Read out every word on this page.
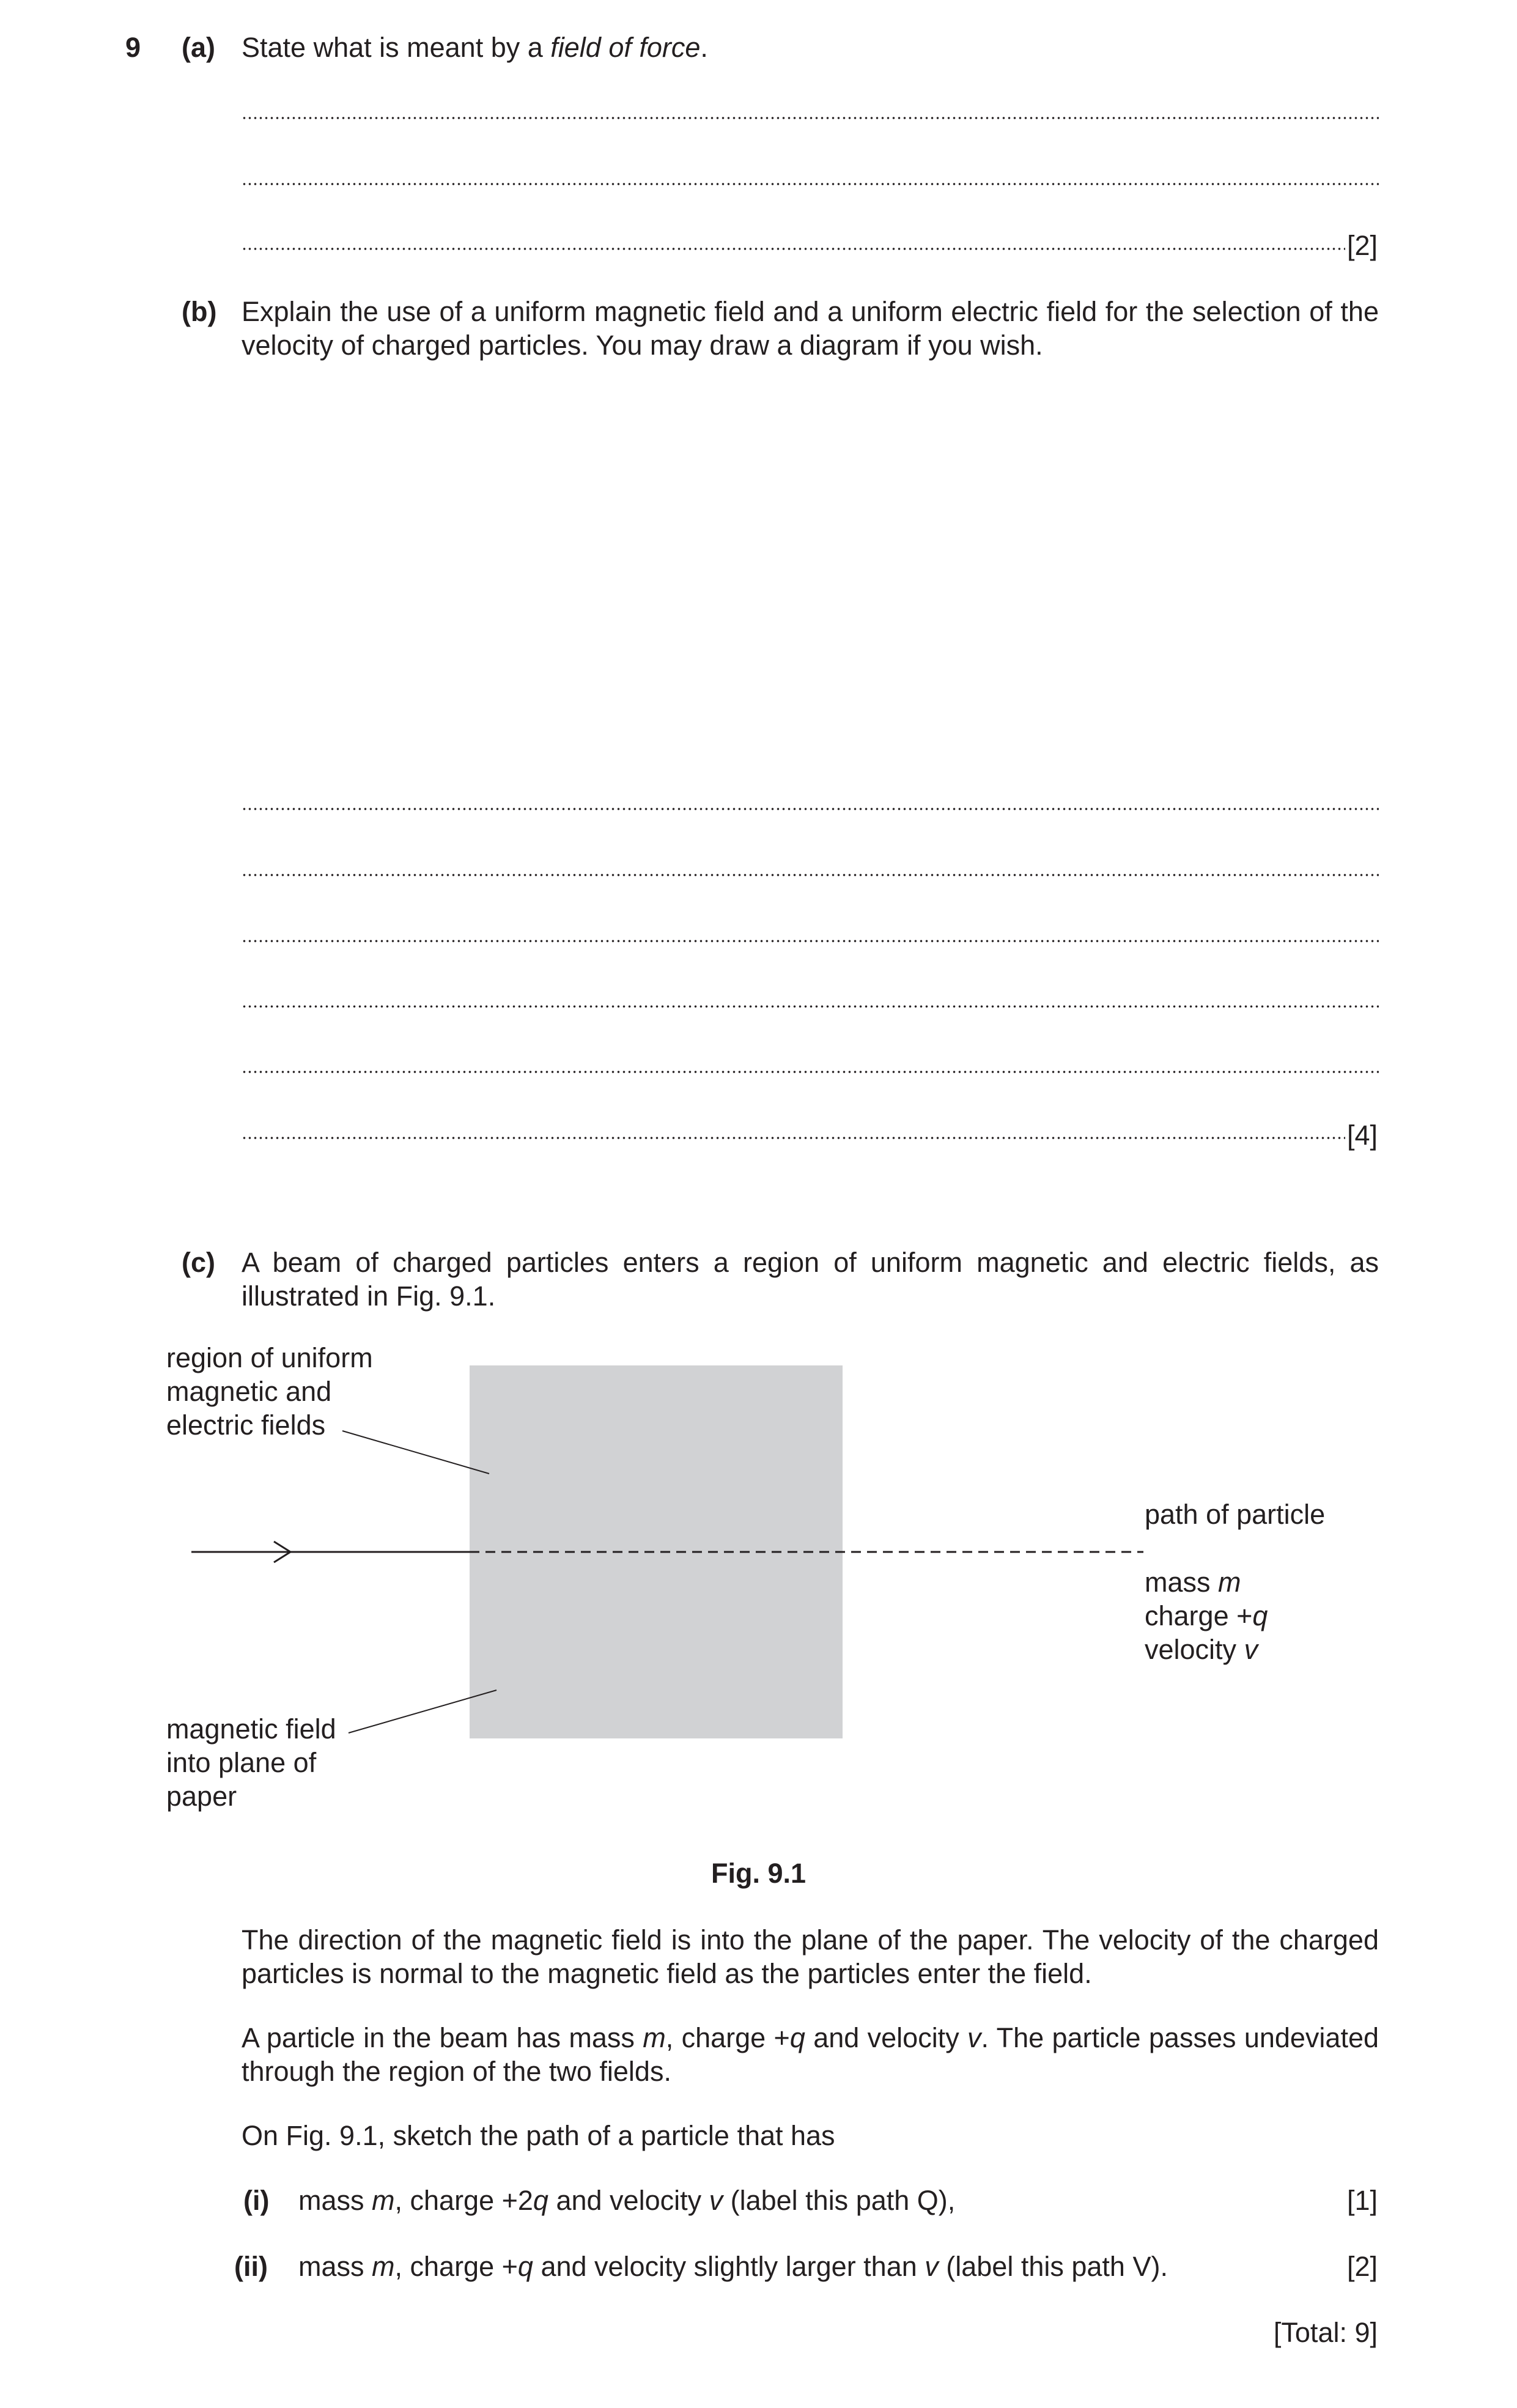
9 (a) State what is meant by a field of force.
[2]
(b) Explain the use of a uniform magnetic field and a uniform electric field for the selection of the velocity of charged particles. You may draw a diagram if you wish.
[4]
(c) A beam of charged particles enters a region of uniform magnetic and electric fields, as illustrated in Fig. 9.1.
region of uniform
magnetic and
electric fields
path of particle
mass m
charge +q
velocity v
magnetic field
into plane of
paper
Fig. 9.1
The direction of the magnetic field is into the plane of the paper. The velocity of the charged particles is normal to the magnetic field as the particles enter the field.
A particle in the beam has mass m, charge +q and velocity v. The particle passes undeviated through the region of the two fields.
On Fig. 9.1, sketch the path of a particle that has
(i) mass m, charge +2q and velocity v (label this path Q),	[1]
(ii) mass m, charge +q and velocity slightly larger than v (label this path V).	[2]
[Total: 9]
